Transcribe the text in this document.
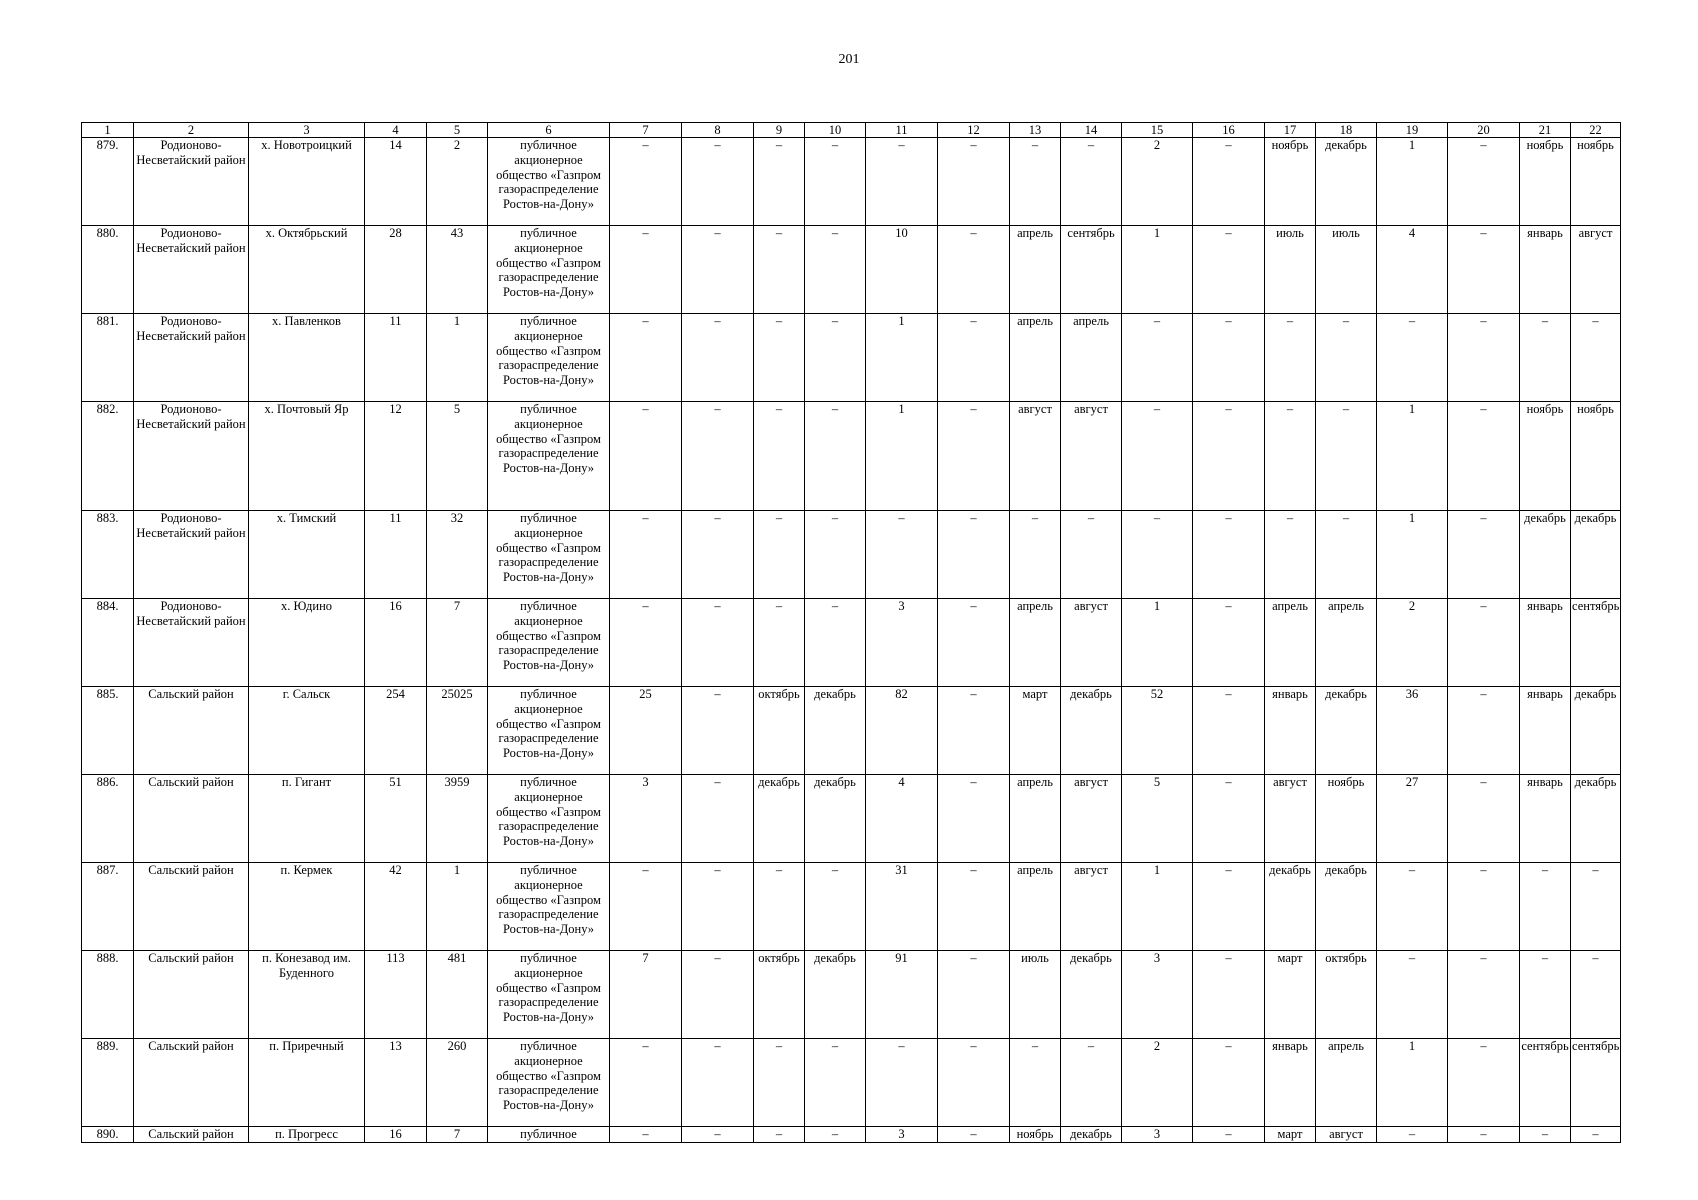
201
1	2	3	4	5	6	7	8	9	10	11	12	13	14	15	16	17	18	19	20	21	22
879.	Родионово-Несветайский район	х. Новотроицкий	14	2	публичное акционерное общество «Газпром газораспределение Ростов-на-Дону»	–	–	–	–	–	–	–	–	2	–	ноябрь	декабрь	1	–	ноябрь	ноябрь
880.	Родионово-Несветайский район	х. Октябрьский	28	43	публичное акционерное общество «Газпром газораспределение Ростов-на-Дону»	–	–	–	–	10	–	апрель	сентябрь	1	–	июль	июль	4	–	январь	август
881.	Родионово-Несветайский район	х. Павленков	11	1	публичное акционерное общество «Газпром газораспределение Ростов-на-Дону»	–	–	–	–	1	–	апрель	апрель	–	–	–	–	–	–	–	–
882.	Родионово-Несветайский район	х. Почтовый Яр	12	5	публичное акционерное общество «Газпром газораспределение Ростов-на-Дону»	–	–	–	–	1	–	август	август	–	–	–	–	1	–	ноябрь	ноябрь
883.	Родионово-Несветайский район	х. Тимский	11	32	публичное акционерное общество «Газпром газораспределение Ростов-на-Дону»	–	–	–	–	–	–	–	–	–	–	–	–	1	–	декабрь	декабрь
884.	Родионово-Несветайский район	х. Юдино	16	7	публичное акционерное общество «Газпром газораспределение Ростов-на-Дону»	–	–	–	–	3	–	апрель	август	1	–	апрель	апрель	2	–	январь	сентябрь
885.	Сальский район	г. Сальск	254	25025	публичное акционерное общество «Газпром газораспределение Ростов-на-Дону»	25	–	октябрь	декабрь	82	–	март	декабрь	52	–	январь	декабрь	36	–	январь	декабрь
886.	Сальский район	п. Гигант	51	3959	публичное акционерное общество «Газпром газораспределение Ростов-на-Дону»	3	–	декабрь	декабрь	4	–	апрель	август	5	–	август	ноябрь	27	–	январь	декабрь
887.	Сальский район	п. Кермек	42	1	публичное акционерное общество «Газпром газораспределение Ростов-на-Дону»	–	–	–	–	31	–	апрель	август	1	–	декабрь	декабрь	–	–	–	–
888.	Сальский район	п. Конезавод им. Буденного	113	481	публичное акционерное общество «Газпром газораспределение Ростов-на-Дону»	7	–	октябрь	декабрь	91	–	июль	декабрь	3	–	март	октябрь	–	–	–	–
889.	Сальский район	п. Приречный	13	260	публичное акционерное общество «Газпром газораспределение Ростов-на-Дону»	–	–	–	–	–	–	–	–	2	–	январь	апрель	1	–	сентябрь	сентябрь
890.	Сальский район	п. Прогресс	16	7	публичное	–	–	–	–	3	–	ноябрь	декабрь	3	–	март	август	–	–	–	–
